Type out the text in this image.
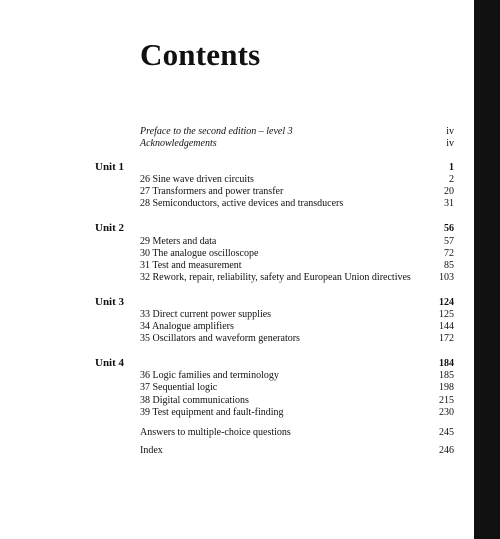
Contents
Preface to the second edition – level 3	iv
Acknowledgements	iv
Unit 1	1
26 Sine wave driven circuits	2
27 Transformers and power transfer	20
28 Semiconductors, active devices and transducers	31
Unit 2	56
29 Meters and data	57
30 The analogue oscilloscope	72
31 Test and measurement	85
32 Rework, repair, reliability, safety and European Union directives	103
Unit 3	124
33 Direct current power supplies	125
34 Analogue amplifiers	144
35 Oscillators and waveform generators	172
Unit 4	184
36 Logic families and terminology	185
37 Sequential logic	198
38 Digital communications	215
39 Test equipment and fault-finding	230
Answers to multiple-choice questions	245
Index	246
